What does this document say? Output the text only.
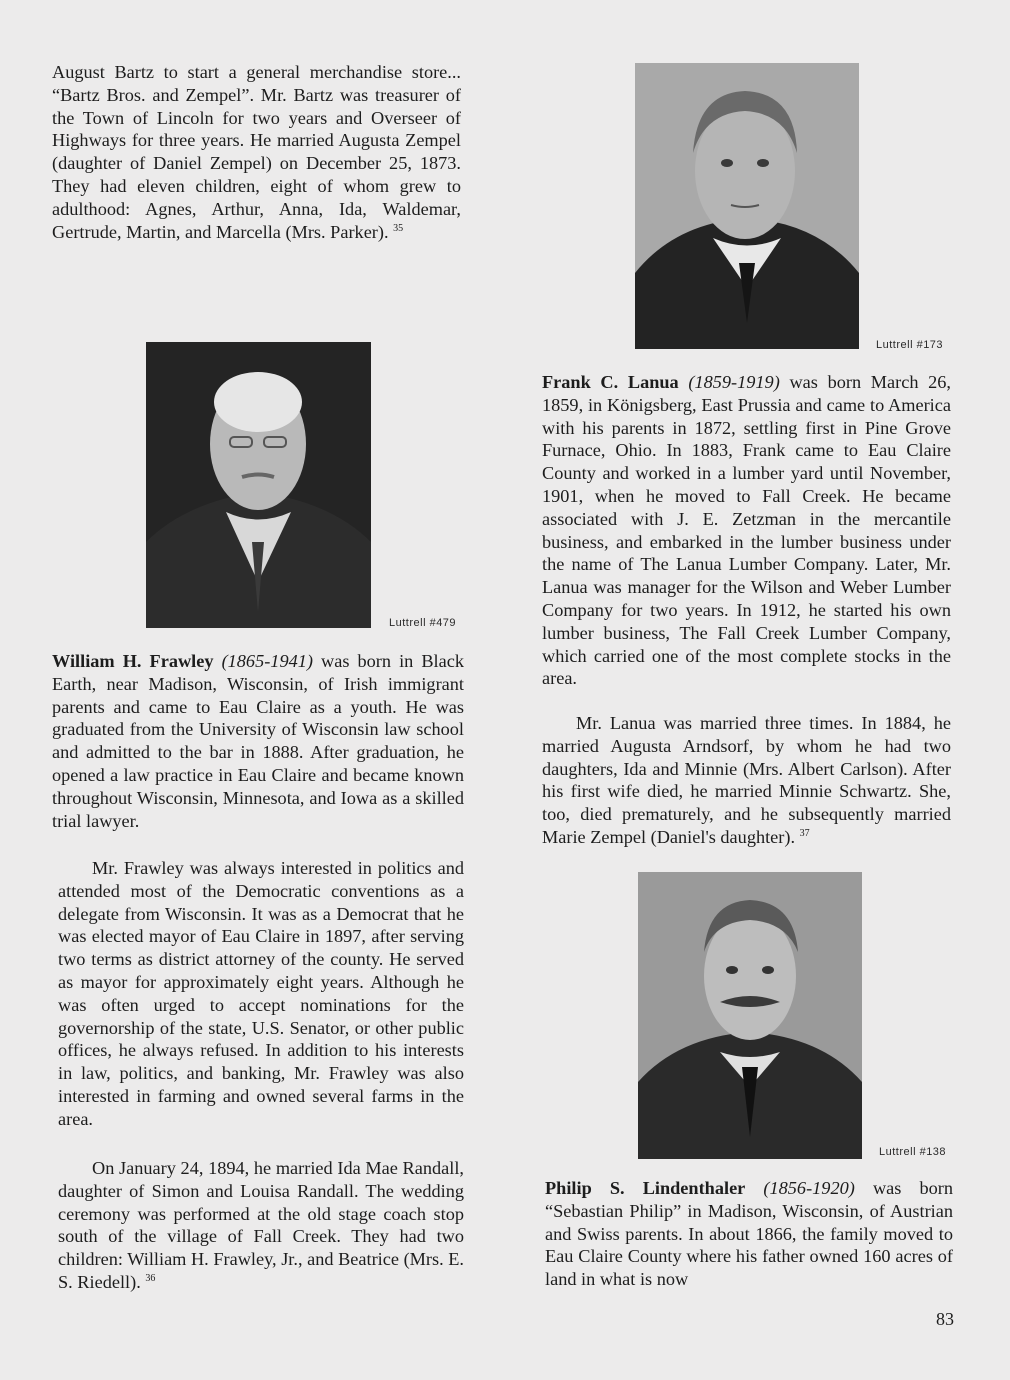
August Bartz to start a general merchandise store... “Bartz Bros. and Zempel”. Mr. Bartz was treasurer of the Town of Lincoln for two years and Overseer of Highways for three years. He married Augusta Zempel (daughter of Daniel Zempel) on December 25, 1873. They had eleven children, eight of whom grew to adulthood: Agnes, Arthur, Anna, Ida, Waldemar, Gertrude, Martin, and Marcella (Mrs. Parker). $^{35}$

Luttrell #479

William H. Frawley (1865-1941) was born in Black Earth, near Madison, Wisconsin, of Irish immigrant parents and came to Eau Claire as a youth. He was graduated from the University of Wisconsin law school and admitted to the bar in 1888. After graduation, he opened a law practice in Eau Claire and became known throughout Wisconsin, Minnesota, and Iowa as a skilled trial lawyer.

Mr. Frawley was always interested in politics and attended most of the Democratic conventions as a delegate from Wisconsin. It was as a Democrat that he was elected mayor of Eau Claire in 1897, after serving two terms as district attorney of the county. He served as mayor for approximately eight years. Although he was often urged to accept nominations for the governorship of the state, U.S. Senator, or other public offices, he always refused. In addition to his interests in law, politics, and banking, Mr. Frawley was also interested in farming and owned several farms in the area.

On January 24, 1894, he married Ida Mae Randall, daughter of Simon and Louisa Randall. The wedding ceremony was performed at the old stage coach stop south of the village of Fall Creek. They had two children: William H. Frawley, Jr., and Beatrice (Mrs. E. S. Riedell). $^{36}$

Luttrell #173

Frank C. Lanua (1859-1919) was born March 26, 1859, in Königsberg, East Prussia and came to America with his parents in 1872, settling first in Pine Grove Furnace, Ohio. In 1883, Frank came to Eau Claire County and worked in a lumber yard until November, 1901, when he moved to Fall Creek. He became associated with J. E. Zetzman in the mercantile business, and embarked in the lumber business under the name of The Lanua Lumber Company. Later, Mr. Lanua was manager for the Wilson and Weber Lumber Company for two years. In 1912, he started his own lumber business, The Fall Creek Lumber Company, which carried one of the most complete stocks in the area.

Mr. Lanua was married three times. In 1884, he married Augusta Arndsorf, by whom he had two daughters, Ida and Minnie (Mrs. Albert Carlson). After his first wife died, he married Minnie Schwartz. She, too, died prematurely, and he subsequently married Marie Zempel (Daniel's daughter). $^{37}$

Luttrell #138

Philip S. Lindenthaler (1856-1920) was born “Sebastian Philip” in Madison, Wisconsin, of Austrian and Swiss parents. In about 1866, the family moved to Eau Claire County where his father owned 160 acres of land in what is now

83
